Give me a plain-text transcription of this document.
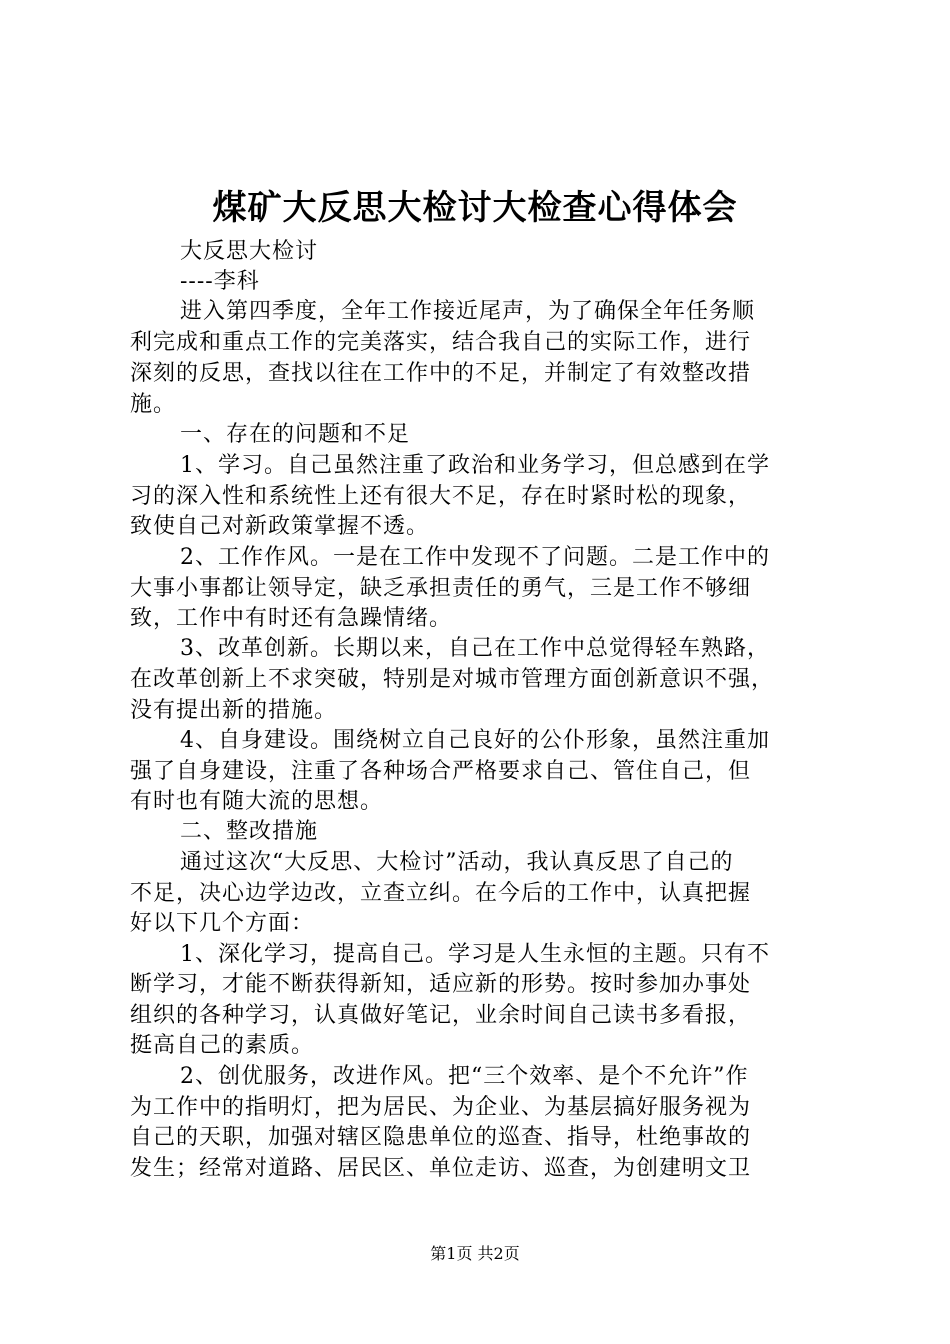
煤矿大反思大检讨大检查心得体会
大反思大检讨
----李科
进入第四季度，全年工作接近尾声，为了确保全年任务顺
利完成和重点工作的完美落实，结合我自己的实际工作，进行
深刻的反思，查找以往在工作中的不足，并制定了有效整改措
施。
一、存在的问题和不足
1、学习。自己虽然注重了政治和业务学习，但总感到在学
习的深入性和系统性上还有很大不足，存在时紧时松的现象，
致使自己对新政策掌握不透。
2、工作作风。一是在工作中发现不了问题。二是工作中的
大事小事都让领导定，缺乏承担责任的勇气，三是工作不够细
致，工作中有时还有急躁情绪。
3、改革创新。长期以来，自己在工作中总觉得轻车熟路，
在改革创新上不求突破，特别是对城市管理方面创新意识不强，
没有提出新的措施。
4、自身建设。围绕树立自己良好的公仆形象，虽然注重加
强了自身建设，注重了各种场合严格要求自己、管住自己，但
有时也有随大流的思想。
二、整改措施
通过这次“大反思、大检讨”活动，我认真反思了自己的
不足，决心边学边改，立查立纠。在今后的工作中，认真把握
好以下几个方面：
1、深化学习，提高自己。学习是人生永恒的主题。只有不
断学习，才能不断获得新知，适应新的形势。按时参加办事处
组织的各种学习，认真做好笔记，业余时间自己读书多看报，
挺高自己的素质。
2、创优服务，改进作风。把“三个效率、是个不允许”作
为工作中的指明灯，把为居民、为企业、为基层搞好服务视为
自己的天职，加强对辖区隐患单位的巡查、指导，杜绝事故的
发生；经常对道路、居民区、单位走访、巡查，为创建明文卫
第1页 共2页
